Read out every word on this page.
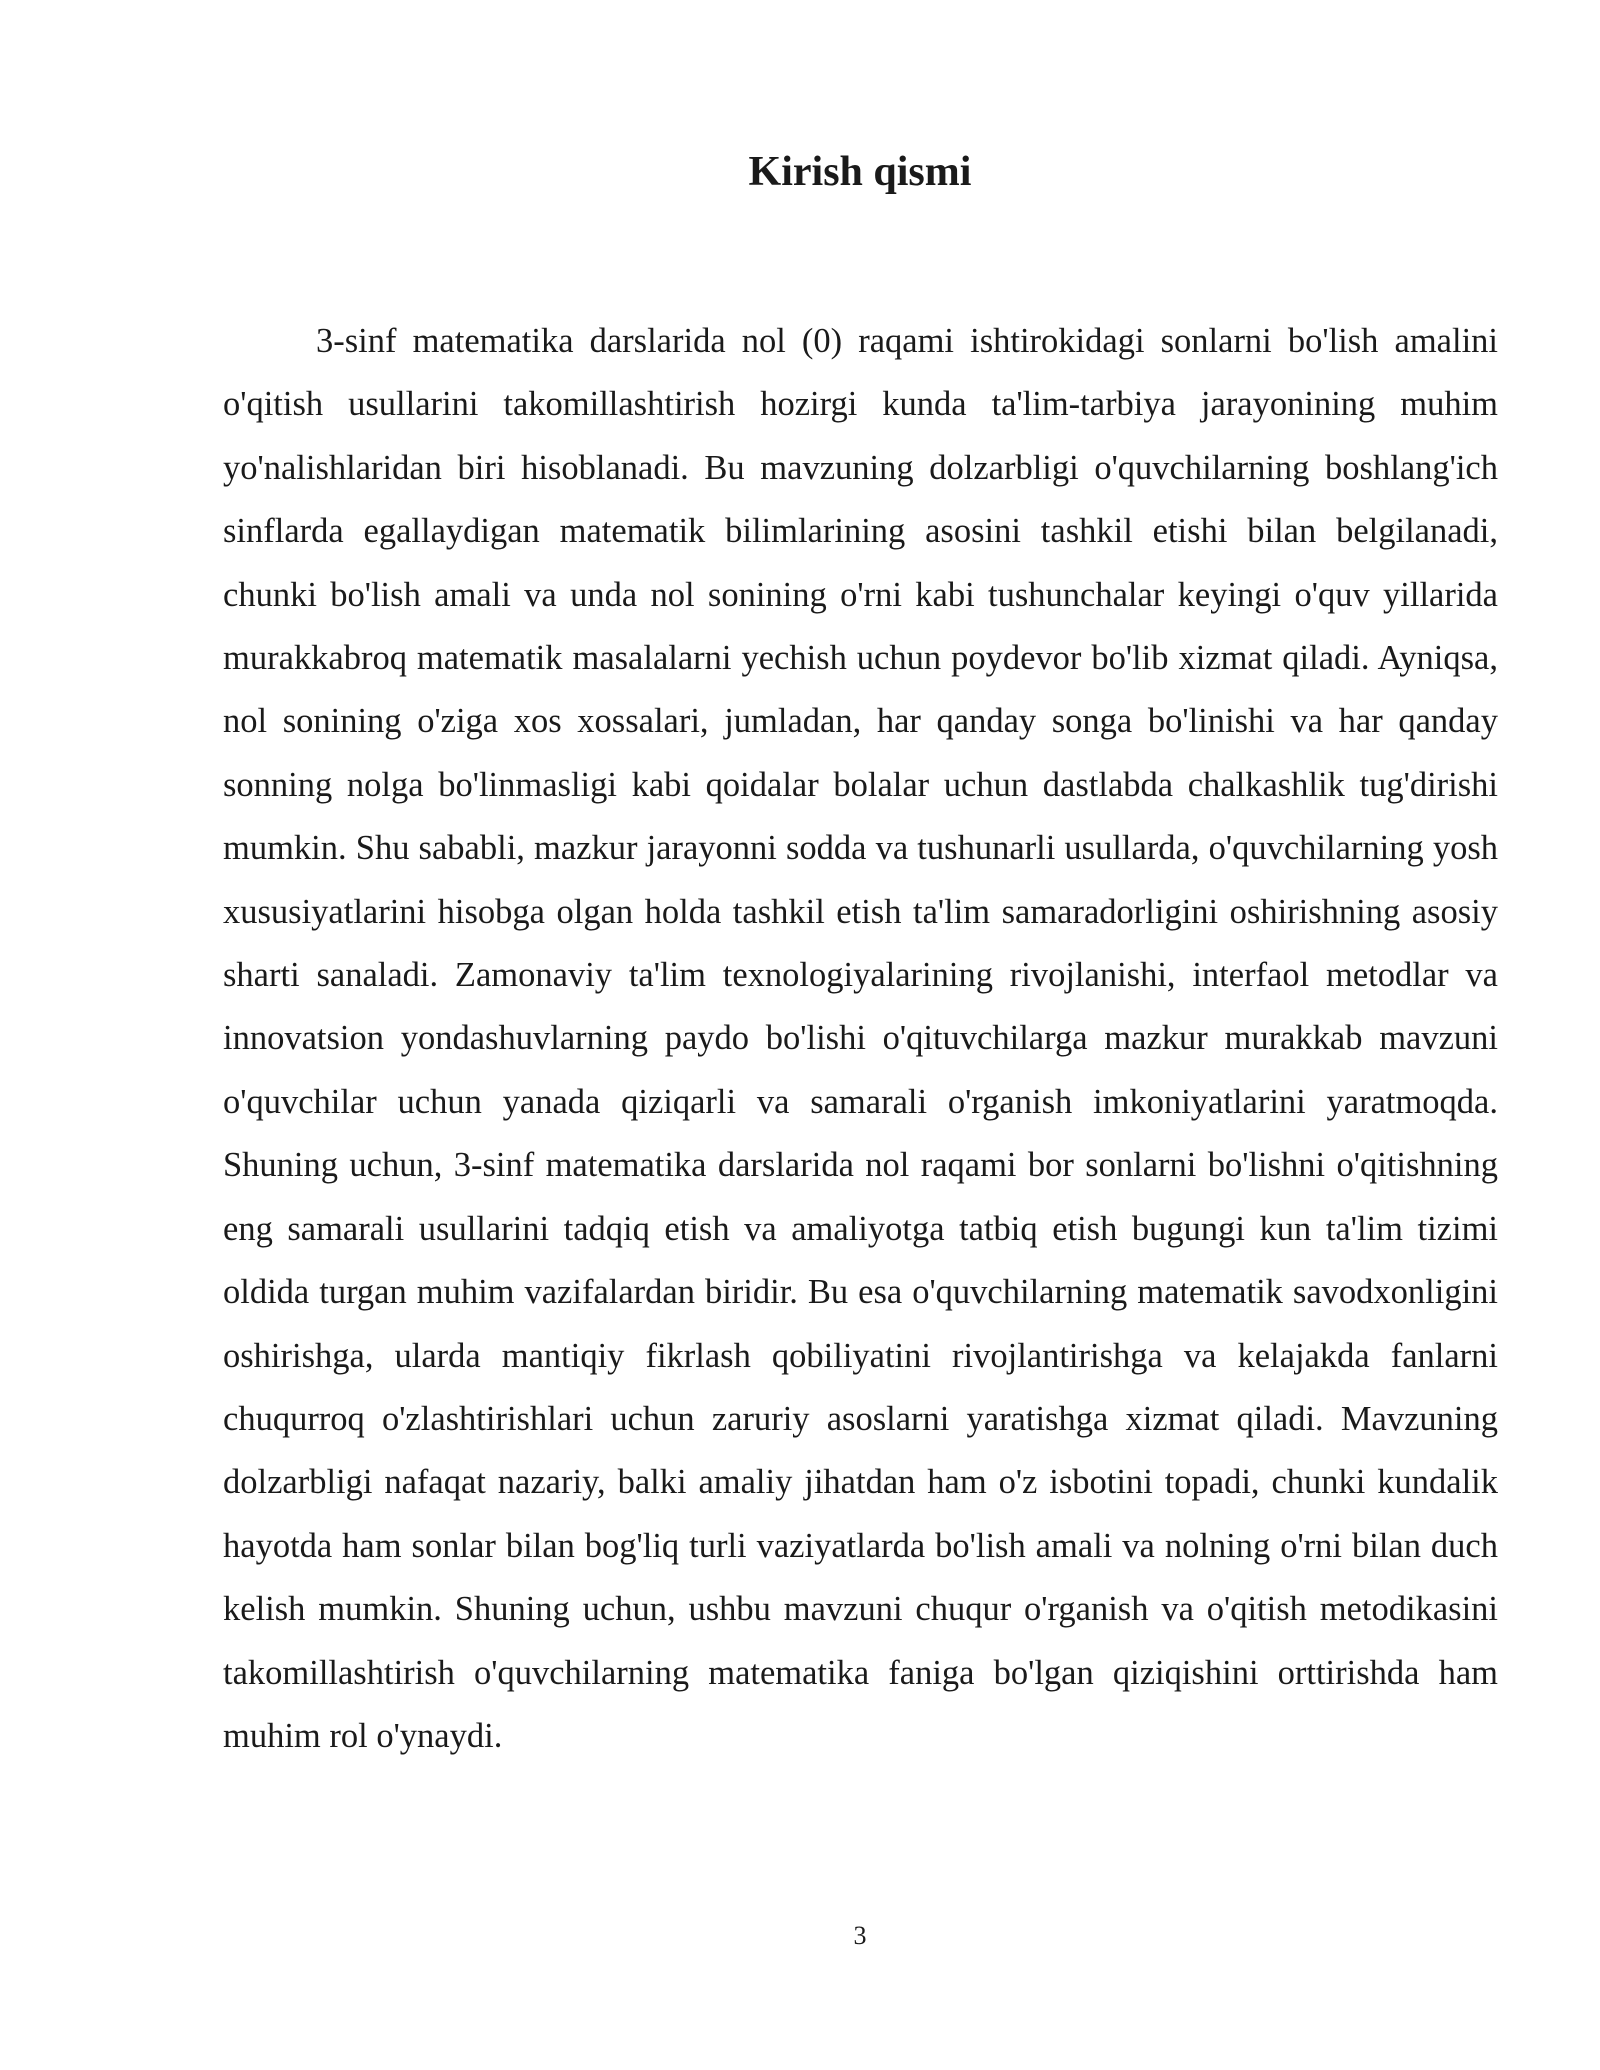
Kirish qismi

3-sinf matematika darslarida nol (0) raqami ishtirokidagi sonlarni bo'lish amalini o'qitish usullarini takomillashtirish hozirgi kunda ta'lim-tarbiya jarayonining muhim yo'nalishlaridan biri hisoblanadi. Bu mavzuning dolzarbligi o'quvchilarning boshlang'ich sinflarda egallaydigan matematik bilimlarining asosini tashkil etishi bilan belgilanadi, chunki bo'lish amali va unda nol sonining o'rni kabi tushunchalar keyingi o'quv yillarida murakkabroq matematik masalalarni yechish uchun poydevor bo'lib xizmat qiladi. Ayniqsa, nol sonining o'ziga xos xossalari, jumladan, har qanday songa bo'linishi va har qanday sonning nolga bo'linmasligi kabi qoidalar bolalar uchun dastlabda chalkashlik tug'dirishi mumkin. Shu sababli, mazkur jarayonni sodda va tushunarli usullarda, o'quvchilarning yosh xususiyatlarini hisobga olgan holda tashkil etish ta'lim samaradorligini oshirishning asosiy sharti sanaladi. Zamonaviy ta'lim texnologiyalarining rivojlanishi, interfaol metodlar va innovatsion yondashuvlarning paydo bo'lishi o'qituvchilarga mazkur murakkab mavzuni o'quvchilar uchun yanada qiziqarli va samarali o'rganish imkoniyatlarini yaratmoqda. Shuning uchun, 3-sinf matematika darslarida nol raqami bor sonlarni bo'lishni o'qitishning eng samarali usullarini tadqiq etish va amaliyotga tatbiq etish bugungi kun ta'lim tizimi oldida turgan muhim vazifalardan biridir. Bu esa o'quvchilarning matematik savodxonligini oshirishga, ularda mantiqiy fikrlash qobiliyatini rivojlantirishga va kelajakda fanlarni chuqurroq o'zlashtirishlari uchun zaruriy asoslarni yaratishga xizmat qiladi. Mavzuning dolzarbligi nafaqat nazariy, balki amaliy jihatdan ham o'z isbotini topadi, chunki kundalik hayotda ham sonlar bilan bog'liq turli vaziyatlarda bo'lish amali va nolning o'rni bilan duch kelish mumkin. Shuning uchun, ushbu mavzuni chuqur o'rganish va o'qitish metodikasini takomillashtirish o'quvchilarning matematika faniga bo'lgan qiziqishini orttirishda ham muhim rol o'ynaydi.

3
